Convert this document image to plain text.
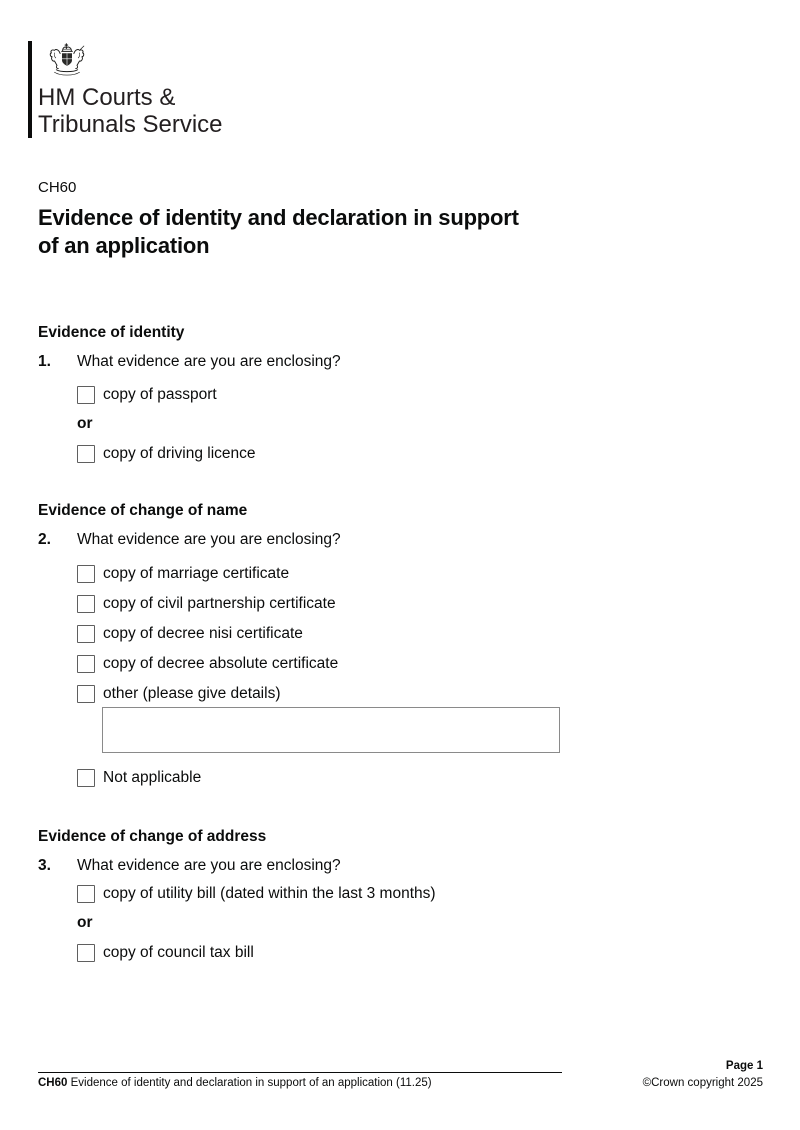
HM Courts &
Tribunals Service
CH60
Evidence of identity and declaration in support of an application
Evidence of identity
1.	What evidence are you are enclosing?
copy of passport
or
copy of driving licence
Evidence of change of name
2.	What evidence are you are enclosing?
copy of marriage certificate
copy of civil partnership certificate
copy of decree nisi certificate
copy of decree absolute certificate
other (please give details)
Not applicable
Evidence of change of address
3.	What evidence are you are enclosing?
copy of utility bill (dated within the last 3 months)
or
copy of council tax bill
Page 1
CH60 Evidence of identity and declaration in support of an application (11.25)	©Crown copyright 2025
